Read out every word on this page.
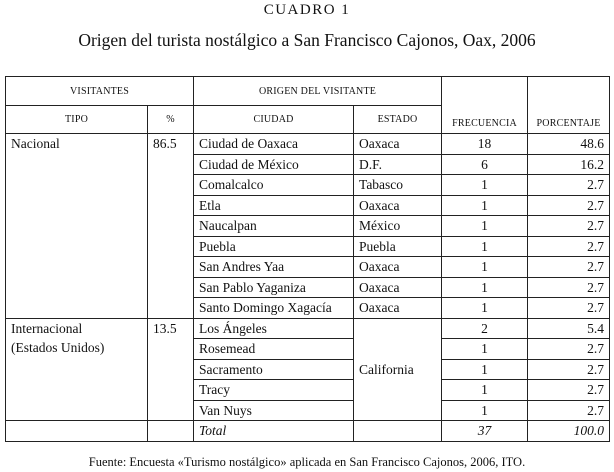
CUADRO 1
Origen del turista nostálgico a San Francisco Cajonos, Oax, 2006
VISITANTES		ORIGEN DEL VISITANTE		FRECUENCIA	PORCENTAJE
TIPO	%	CIUDAD	ESTADO		
Nacional	86.5	Ciudad de Oaxaca	Oaxaca	18	48.6
		Ciudad de México	D.F.	6	16.2
		Comalcalco	Tabasco	1	2.7
		Etla	Oaxaca	1	2.7
		Naucalpan	México	1	2.7
		Puebla	Puebla	1	2.7
		San Andres Yaa	Oaxaca	1	2.7
		San Pablo Yaganiza	Oaxaca	1	2.7
		Santo Domingo Xagacía	Oaxaca	1	2.7

Internacional
(Estados Unidos)	13.5	Los Ángeles	California	2	5.4
		Rosemead		1	2.7
		Sacramento		1	2.7
		Tracy		1	2.7
		Van Nuys		1	2.7
		Total		37	100.0
Fuente: Encuesta «Turismo nostálgico» aplicada en San Francisco Cajonos, 2006, ITO.
